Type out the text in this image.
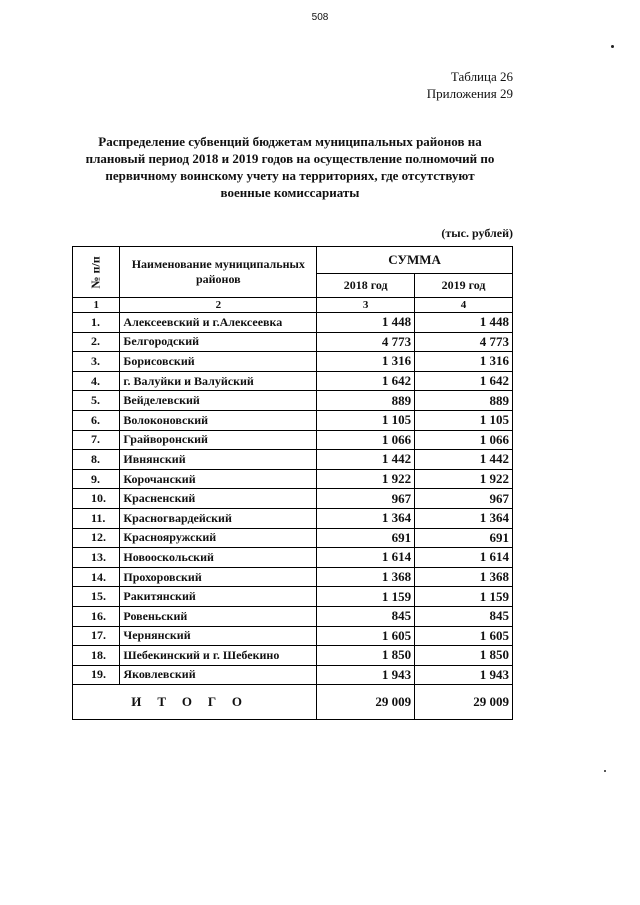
508
Таблица 26
Приложения 29
Распределение субвенций бюджетам муниципальных районов на плановый период 2018 и 2019 годов на осуществление полномочий по первичному воинскому учету на территориях, где отсутствуют военные комиссариаты
(тыс. рублей)
№ п/п	Наименование муниципальных районов	СУММА	
		2018 год	2019 год
1	2	3	4
1.	Алексеевский и г.Алексеевка	1 448	1 448
2.	Белгородский	4 773	4 773
3.	Борисовский	1 316	1 316
4.	г. Валуйки и Валуйский	1 642	1 642
5.	Вейделевский	889	889
6.	Волоконовский	1 105	1 105
7.	Грайворонский	1 066	1 066
8.	Ивнянский	1 442	1 442
9.	Корочанский	1 922	1 922
10.	Красненский	967	967
11.	Красногвардейский	1 364	1 364
12.	Краснояружский	691	691
13.	Новооскольский	1 614	1 614
14.	Прохоровский	1 368	1 368
15.	Ракитянский	1 159	1 159
16.	Ровеньский	845	845
17.	Чернянский	1 605	1 605
18.	Шебекинский и г. Шебекино	1 850	1 850
19.	Яковлевский	1 943	1 943
ИТОГО		29 009	29 009
